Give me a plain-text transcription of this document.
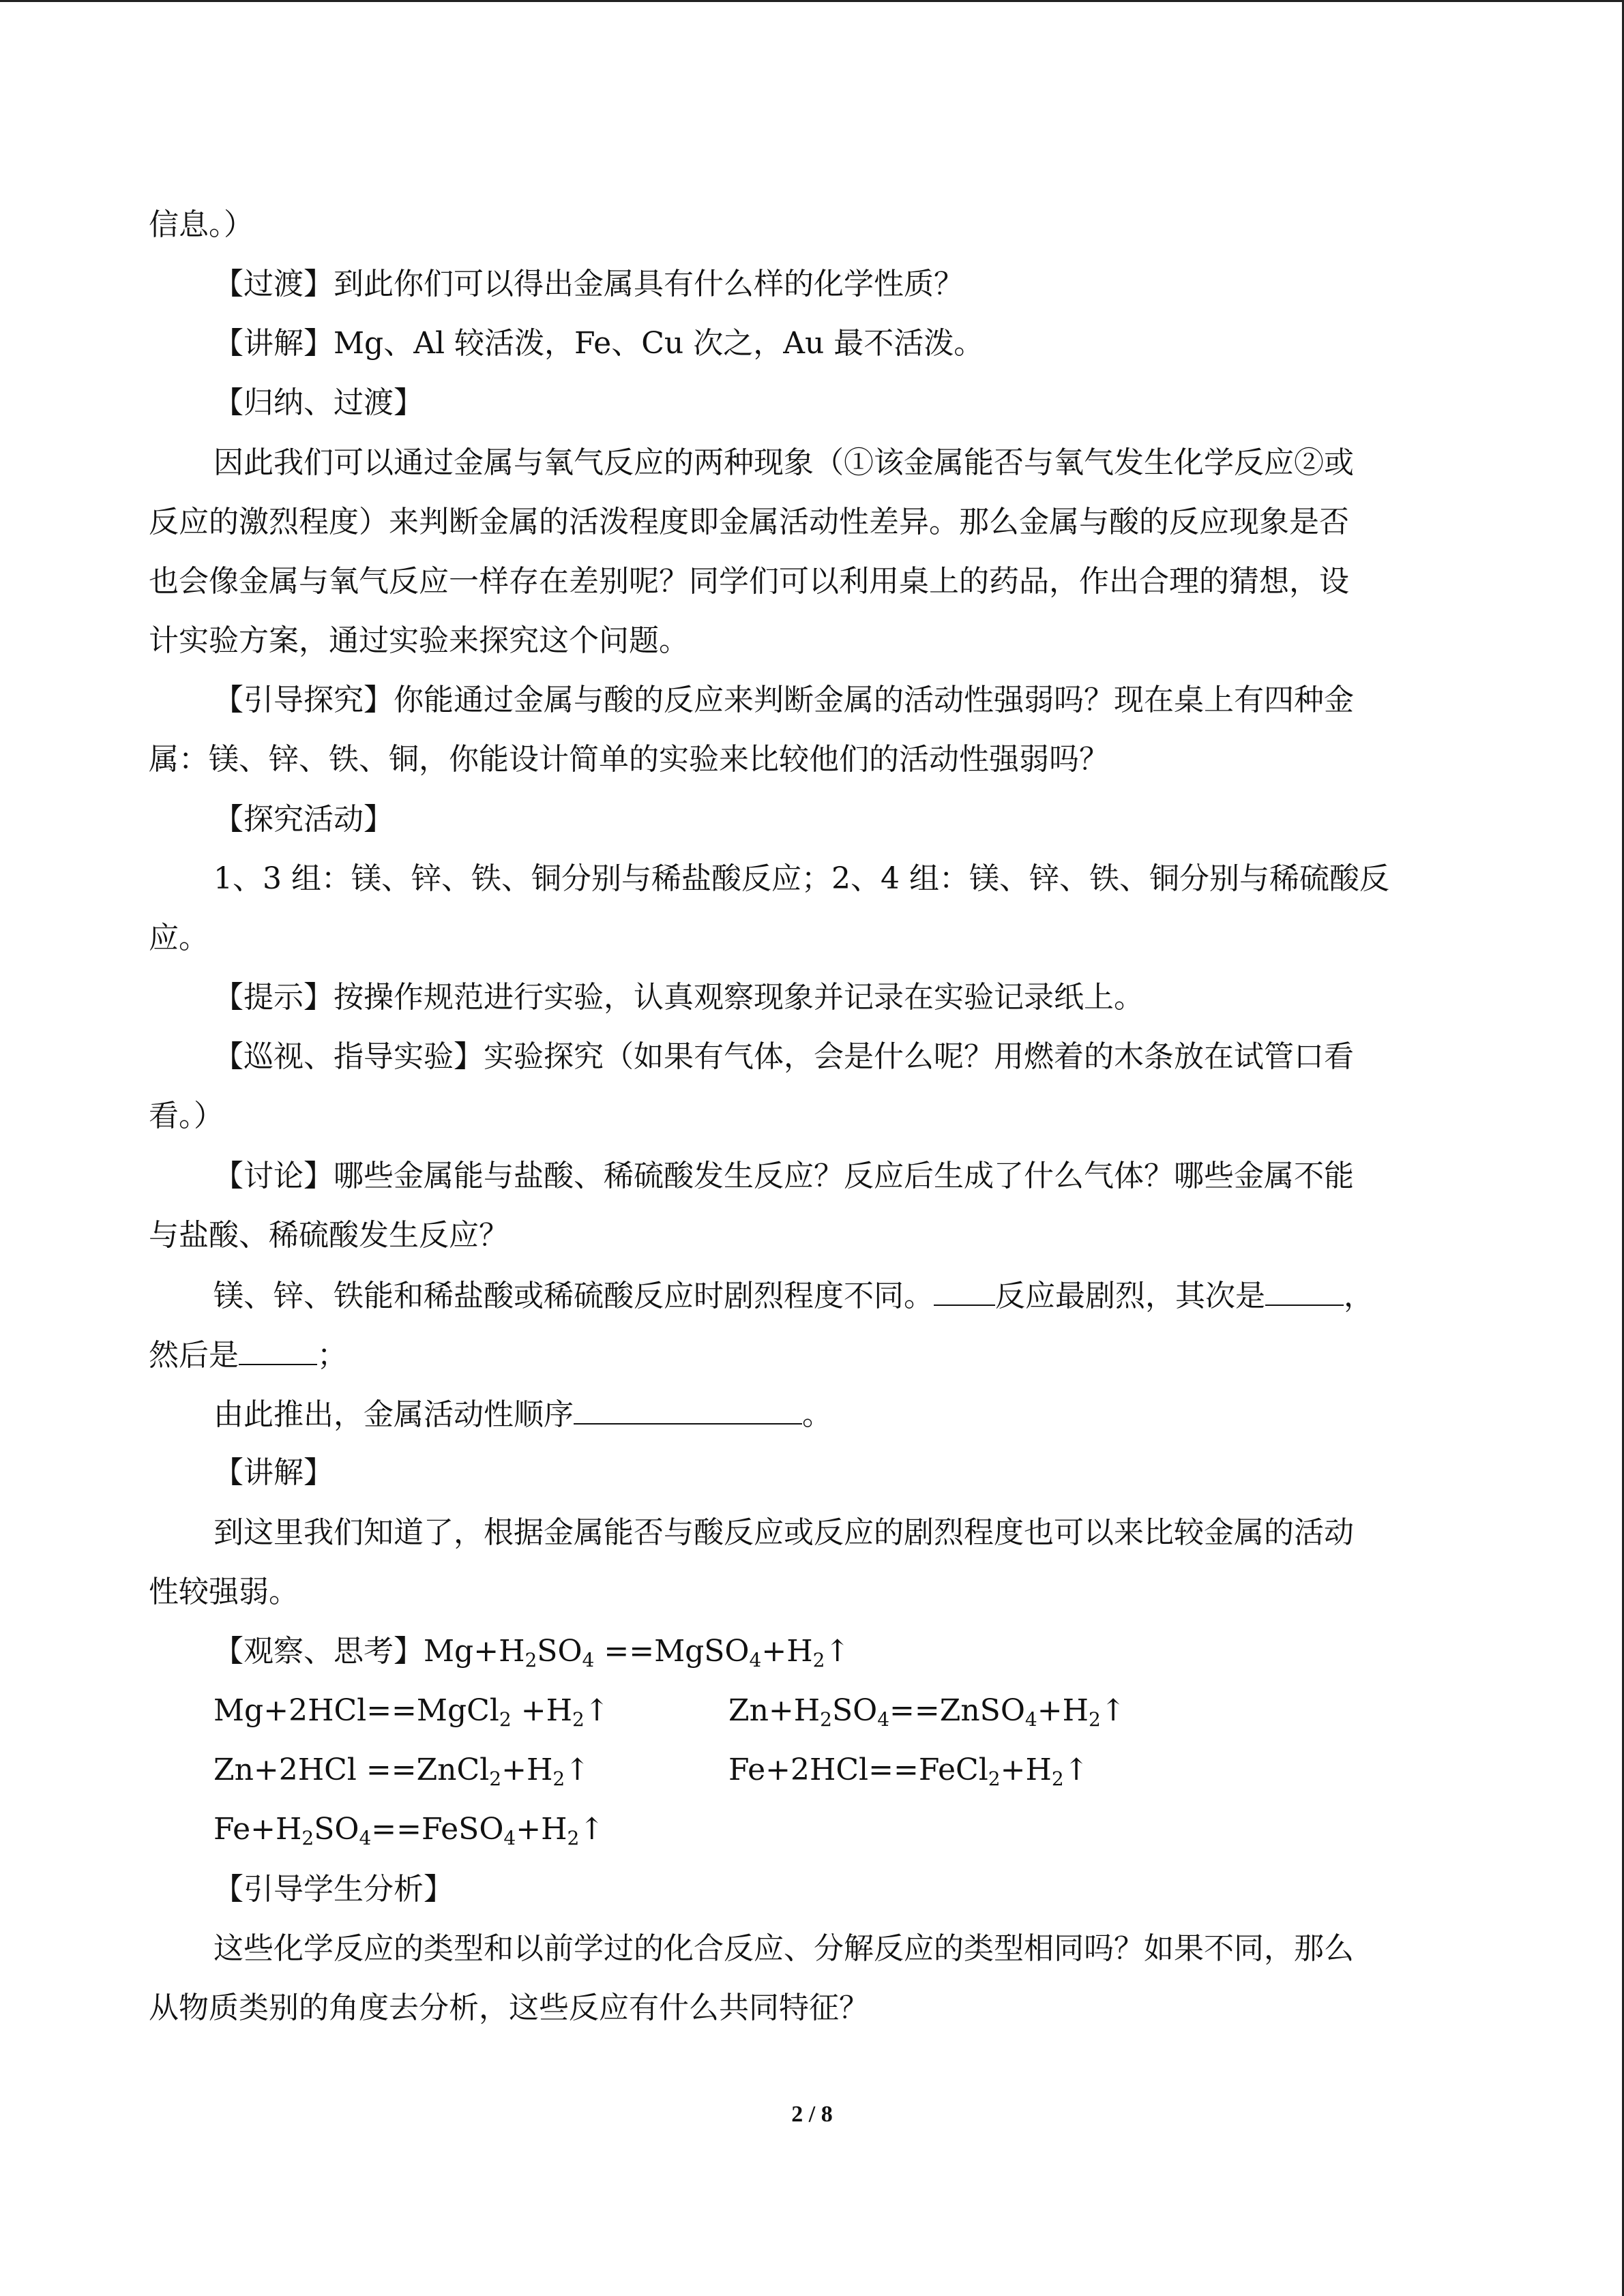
信息。）
【过渡】到此你们可以得出金属具有什么样的化学性质？
【讲解】Mg、Al 较活泼，Fe、Cu 次之，Au 最不活泼。
【归纳、过渡】
因此我们可以通过金属与氧气反应的两种现象（①该金属能否与氧气发生化学反应②或
反应的激烈程度）来判断金属的活泼程度即金属活动性差异。那么金属与酸的反应现象是否
也会像金属与氧气反应一样存在差别呢？同学们可以利用桌上的药品，作出合理的猜想，设
计实验方案，通过实验来探究这个问题。
【引导探究】你能通过金属与酸的反应来判断金属的活动性强弱吗？现在桌上有四种金
属：镁、锌、铁、铜，你能设计简单的实验来比较他们的活动性强弱吗？
【探究活动】
1、3 组：镁、锌、铁、铜分别与稀盐酸反应；2、4 组：镁、锌、铁、铜分别与稀硫酸反
应。
【提示】按操作规范进行实验，认真观察现象并记录在实验记录纸上。
【巡视、指导实验】实验探究（如果有气体，会是什么呢？用燃着的木条放在试管口看
看。）
【讨论】哪些金属能与盐酸、稀硫酸发生反应？反应后生成了什么气体？哪些金属不能
与盐酸、稀硫酸发生反应？
镁、锌、铁能和稀盐酸或稀硫酸反应时剧烈程度不同。 反应最剧烈，其次是	，
然后是	；
由此推出，金属活动性顺序	。
【讲解】
到这里我们知道了，根据金属能否与酸反应或反应的剧烈程度也可以来比较金属的活动
性较强弱。
【观察、思考】$Mg+H_2SO_4$ $==MgSO_4+H_2↑$
Mg+2HCl==MgCl$_2$ $+H_2↑$	$Zn+H_2SO_4==ZnSO_4+H_2↑$
$Zn+2HCl ==ZnCl_2+H_2↑$	$Fe+2HCl==FeCl_2+H_2↑$
$Fe+H_2SO_4==FeSO_4+H_2↑$
【引导学生分析】
这些化学反应的类型和以前学过的化合反应、分解反应的类型相同吗？如果不同，那么
从物质类别的角度去分析，这些反应有什么共同特征？
2 / 8
